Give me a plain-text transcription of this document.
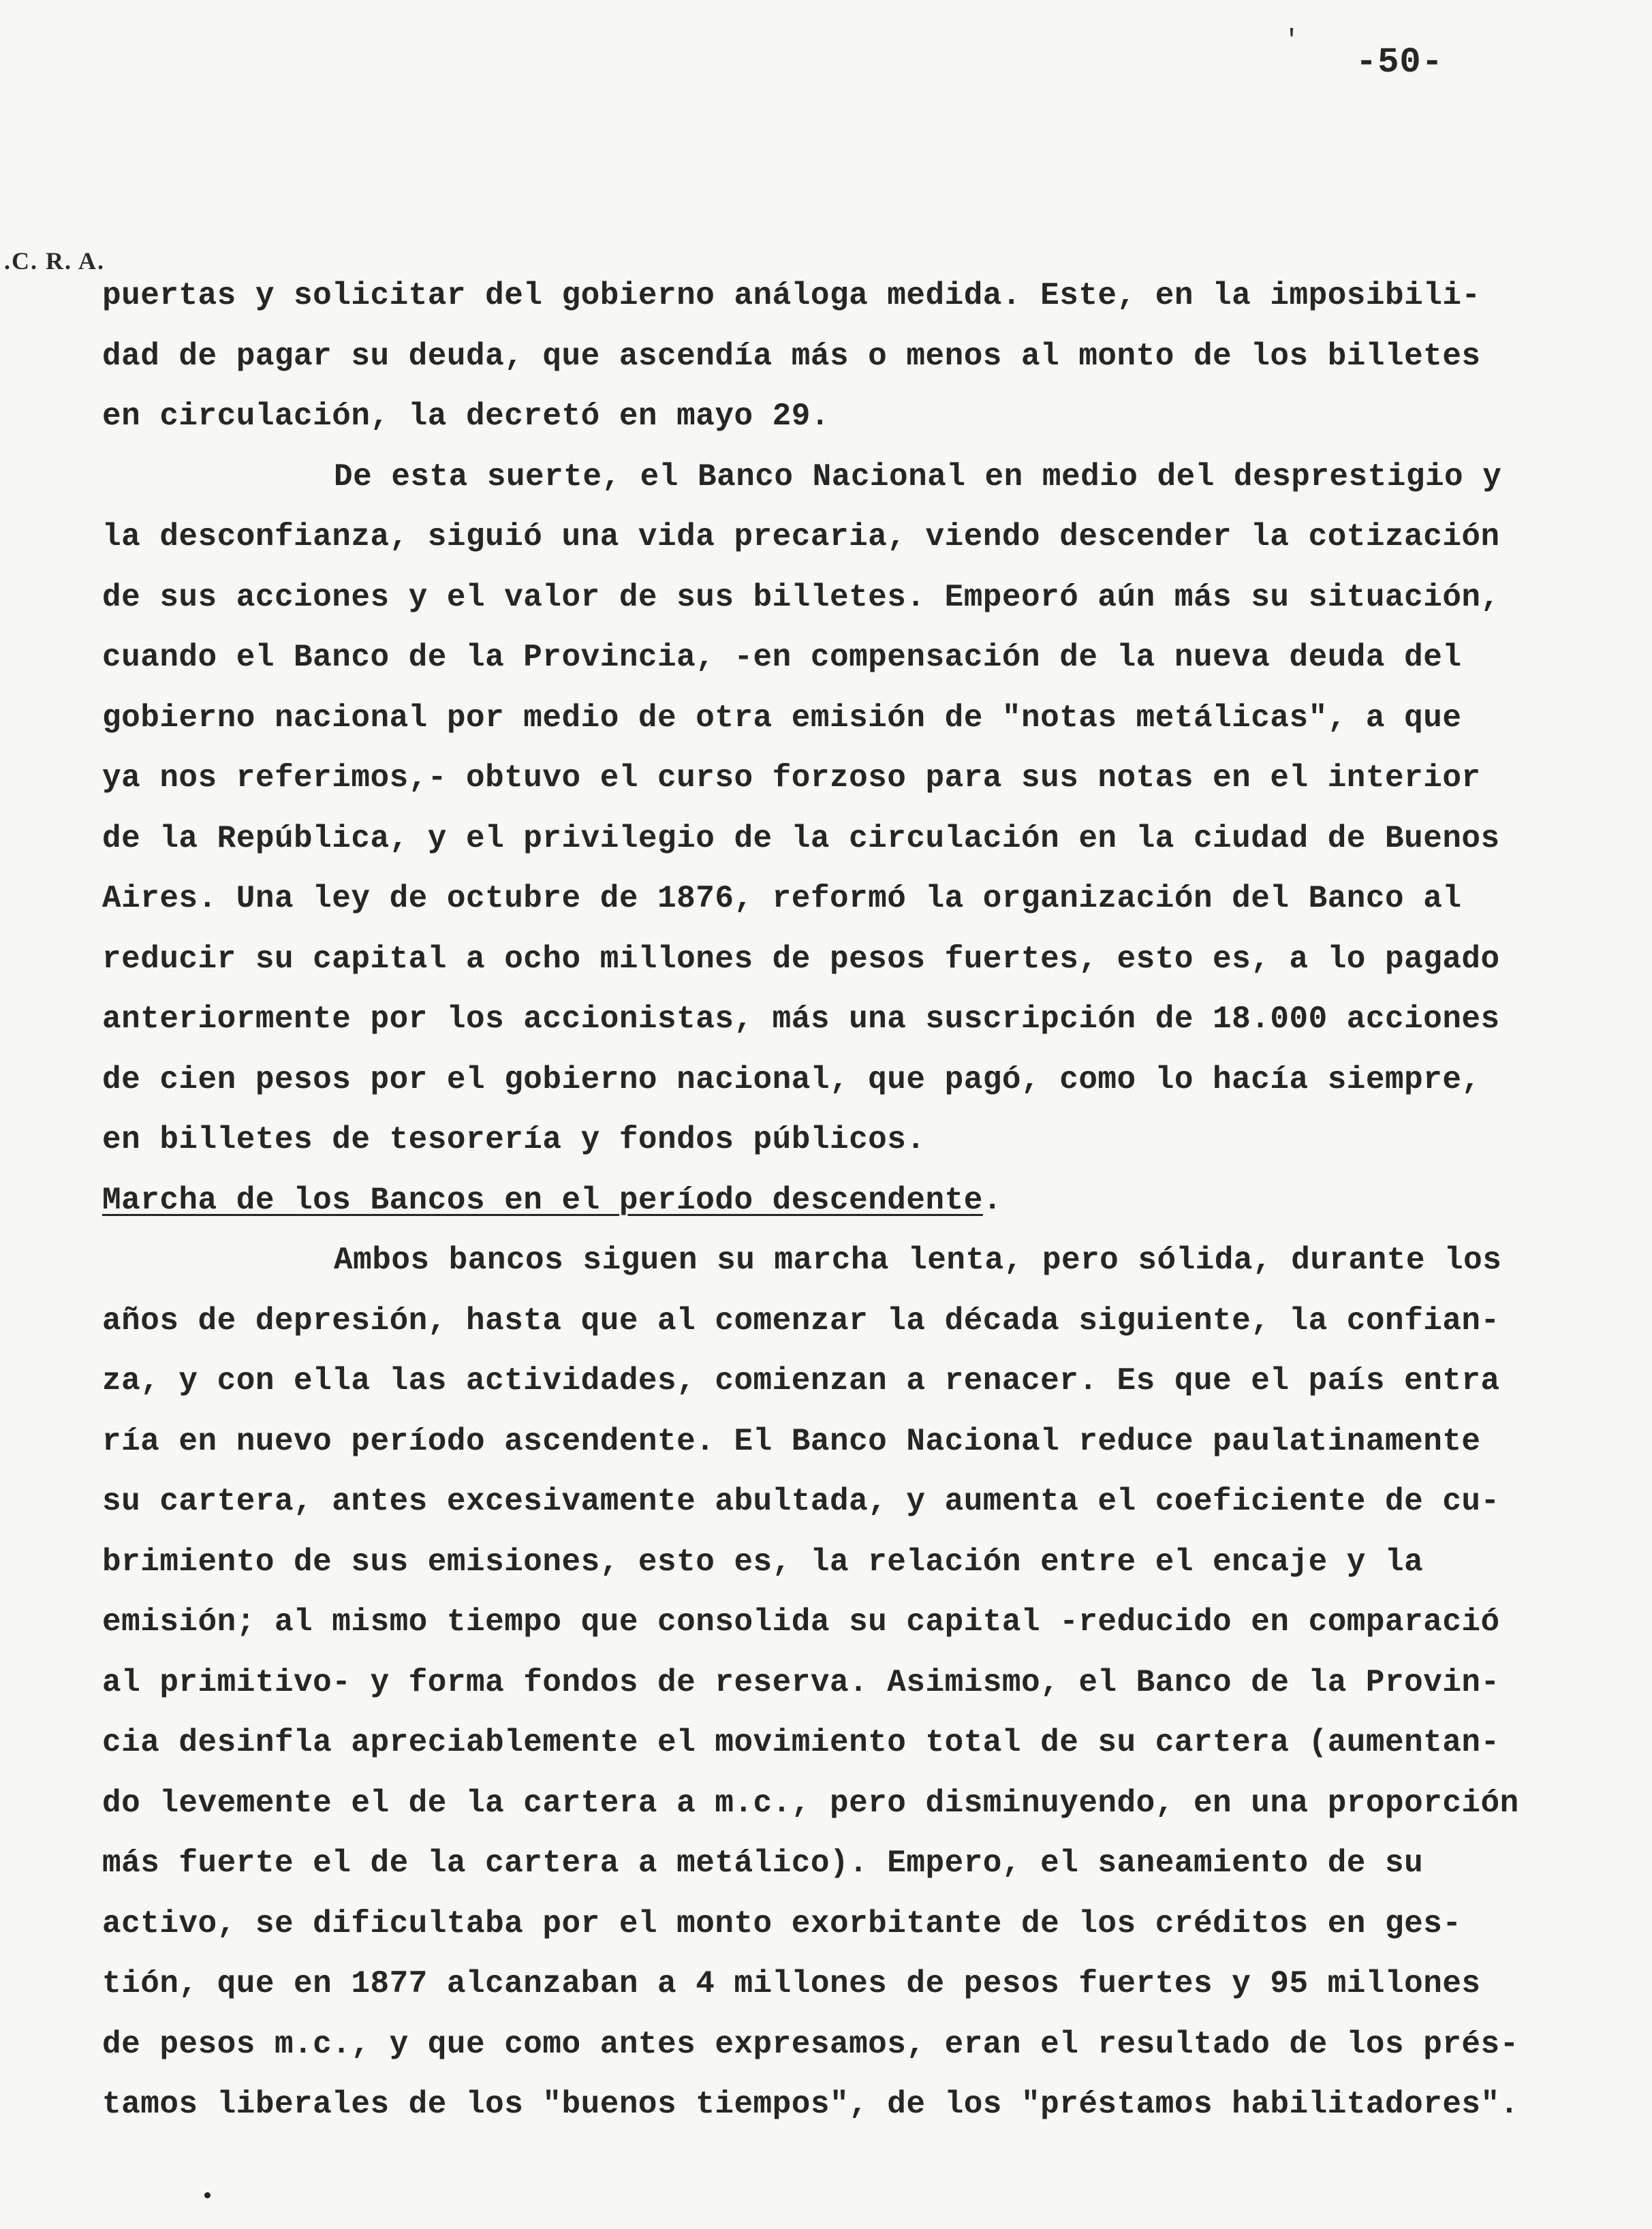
-50-
'
.C. R. A.
puertas y solicitar del gobierno análoga medida. Este, en la imposibili-
dad de pagar su deuda, que ascendía más o menos al monto de los billetes
en circulación, la decretó en mayo 29.
De esta suerte, el Banco Nacional en medio del desprestigio y
la desconfianza, siguió una vida precaria, viendo descender la cotización
de sus acciones y el valor de sus billetes. Empeoró aún más su situación,
cuando el Banco de la Provincia, -en compensación de la nueva deuda del
gobierno nacional por medio de otra emisión de "notas metálicas", a que
ya nos referimos,- obtuvo el curso forzoso para sus notas en el interior
de la República, y el privilegio de la circulación en la ciudad de Buenos
Aires. Una ley de octubre de 1876, reformó la organización del Banco al
reducir su capital a ocho millones de pesos fuertes, esto es, a lo pagado
anteriormente por los accionistas, más una suscripción de 18.000 acciones
de cien pesos por el gobierno nacional, que pagó, como lo hacía siempre,
en billetes de tesorería y fondos públicos.
Marcha de los Bancos en el período descendente.
Ambos bancos siguen su marcha lenta, pero sólida, durante los
años de depresión, hasta que al comenzar la década siguiente, la confian-
za, y con ella las actividades, comienzan a renacer. Es que el país entra
ría en nuevo período ascendente. El Banco Nacional reduce paulatinamente
su cartera, antes excesivamente abultada, y aumenta el coeficiente de cu-
brimiento de sus emisiones, esto es, la relación entre el encaje y la
emisión; al mismo tiempo que consolida su capital -reducido en comparació
al primitivo- y forma fondos de reserva. Asimismo, el Banco de la Provin-
cia desinfla apreciablemente el movimiento total de su cartera (aumentan-
do levemente el de la cartera a m.c., pero disminuyendo, en una proporción
más fuerte el de la cartera a metálico). Empero, el saneamiento de su
activo, se dificultaba por el monto exorbitante de los créditos en ges-
tión, que en 1877 alcanzaban a 4 millones de pesos fuertes y 95 millones
de pesos m.c., y que como antes expresamos, eran el resultado de los prés-
tamos liberales de los "buenos tiempos", de los "préstamos habilitadores".
